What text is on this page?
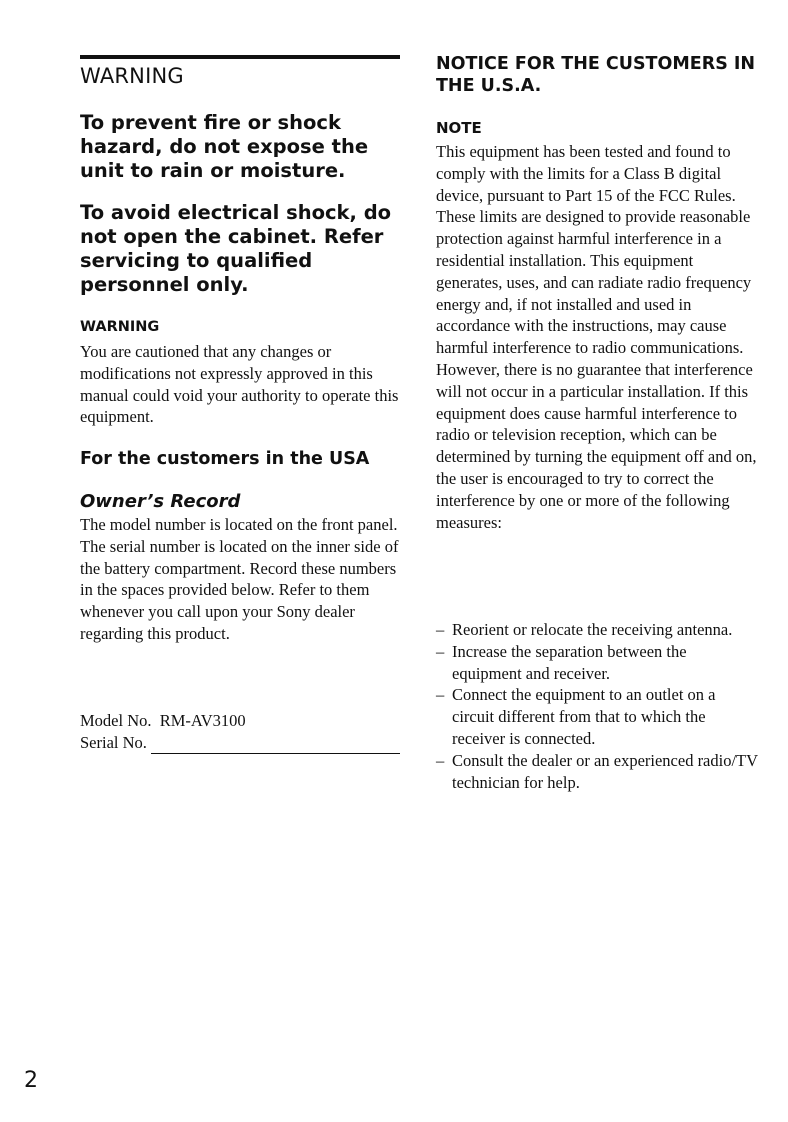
WARNING

To prevent fire or shock hazard, do not expose the unit to rain or moisture.

To avoid electrical shock, do not open the cabinet. Refer servicing to qualified personnel only.

WARNING

You are cautioned that any changes or modifications not expressly approved in this manual could void your authority to operate this equipment.

For the customers in the USA
Owner’s Record

The model number is located on the front panel. The serial number is located on the inner side of the battery compartment. Record these numbers in the spaces provided below. Refer to them whenever you call upon your Sony dealer regarding this product.

Model No. RM-AV3100

Serial No.
NOTICE FOR THE CUSTOMERS IN THE U.S.A.
NOTE

This equipment has been tested and found to comply with the limits for a Class B digital device, pursuant to Part 15 of the FCC Rules. These limits are designed to provide reasonable protection against harmful interference in a residential installation. This equipment generates, uses, and can radiate radio frequency energy and, if not installed and used in accordance with the instructions, may cause harmful interference to radio communications. However, there is no guarantee that interference will not occur in a particular installation. If this equipment does cause harmful interference to radio or television reception, which can be determined by turning the equipment off and on, the user is encouraged to try to correct the interference by one or more of the following measures:

– Reorient or relocate the receiving antenna.
– Increase the separation between the equipment and receiver.
– Connect the equipment to an outlet on a circuit different from that to which the receiver is connected.
– Consult the dealer or an experienced radio/TV technician for help.

2
